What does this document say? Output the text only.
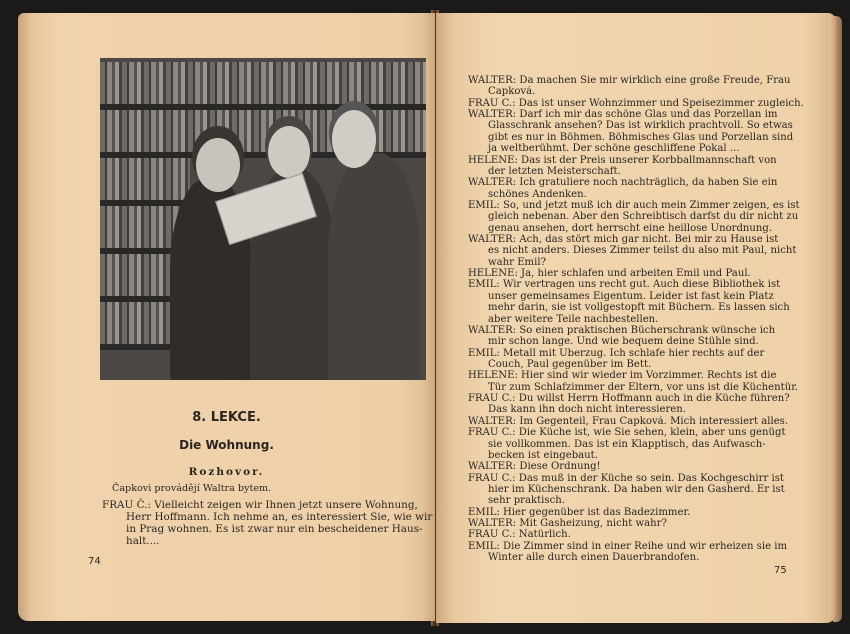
8. LEKCE.
Die Wohnung.
Rozhovor.
Čapkovi provádějí Waltra bytem.
FRAU Č.: Vielleicht zeigen wir Ihnen jetzt unsere Wohnung,
Herr Hoffmann. Ich nehme an, es interessiert Sie, wie wir
in Prag wohnen. Es ist zwar nur ein bescheidener Haus-
halt....
74
WALTER: Da machen Sie mir wirklich eine große Freude, Frau
Čapková.
FRAU Č.: Das ist unser Wohnzimmer und Speisezimmer zugleich.
WALTER: Darf ich mir das schöne Glas und das Porzellan im
Glasschrank ansehen? Das ist wirklich prachtvoll. So etwas
gibt es nur in Böhmen. Böhmisches Glas und Porzellan sind
ja weltberühmt. Der schöne geschliffene Pokal ...
HELENE: Das ist der Preis unserer Korbballmannschaft von
der letzten Meisterschaft.
WALTER: Ich gratuliere noch nachträglich, da haben Sie ein
schönes Andenken.
EMIL: So, und jetzt muß ich dir auch mein Zimmer zeigen, es ist
gleich nebenan. Aber den Schreibtisch darfst du dir nicht zu
genau ansehen, dort herrscht eine heillose Unordnung.
WALTER: Ach, das stört mich gar nicht. Bei mir zu Hause ist
es nicht anders. Dieses Zimmer teilst du also mit Paul, nicht
wahr Emil?
HELENE: Ja, hier schlafen und arbeiten Emil und Paul.
EMIL: Wir vertragen uns recht gut. Auch diese Bibliothek ist
unser gemeinsames Eigentum. Leider ist fast kein Platz
mehr darin, sie ist vollgestopft mit Büchern. Es lassen sich
aber weitere Teile nachbestellen.
WALTER: So einen praktischen Bücherschrank wünsche ich
mir schon lange. Und wie bequem deine Stühle sind.
EMIL: Metall mit Überzug. Ich schlafe hier rechts auf der
Couch, Paul gegenüber im Bett.
HELENE: Hier sind wir wieder im Vorzimmer. Rechts ist die
Tür zum Schlafzimmer der Eltern, vor uns ist die Küchentür.
FRAU Č.: Du willst Herrn Hoffmann auch in die Küche führen?
Das kann ihn doch nicht interessieren.
WALTER: Im Gegenteil, Frau Čapková. Mich interessiert alles.
FRAU Č.: Die Küche ist, wie Sie sehen, klein, aber uns genügt
sie vollkommen. Das ist ein Klapptisch, das Aufwasch-
becken ist eingebaut.
WALTER: Diese Ordnung!
FRAU Č.: Das muß in der Küche so sein. Das Kochgeschirr ist
hier im Küchenschrank. Da haben wir den Gasherd. Er ist
sehr praktisch.
EMIL: Hier gegenüber ist das Badezimmer.
WALTER: Mit Gasheizung, nicht wahr?
FRAU Č.: Natürlich.
EMIL: Die Zimmer sind in einer Reihe und wir erheizen sie im
Winter alle durch einen Dauerbrandofen.
75
